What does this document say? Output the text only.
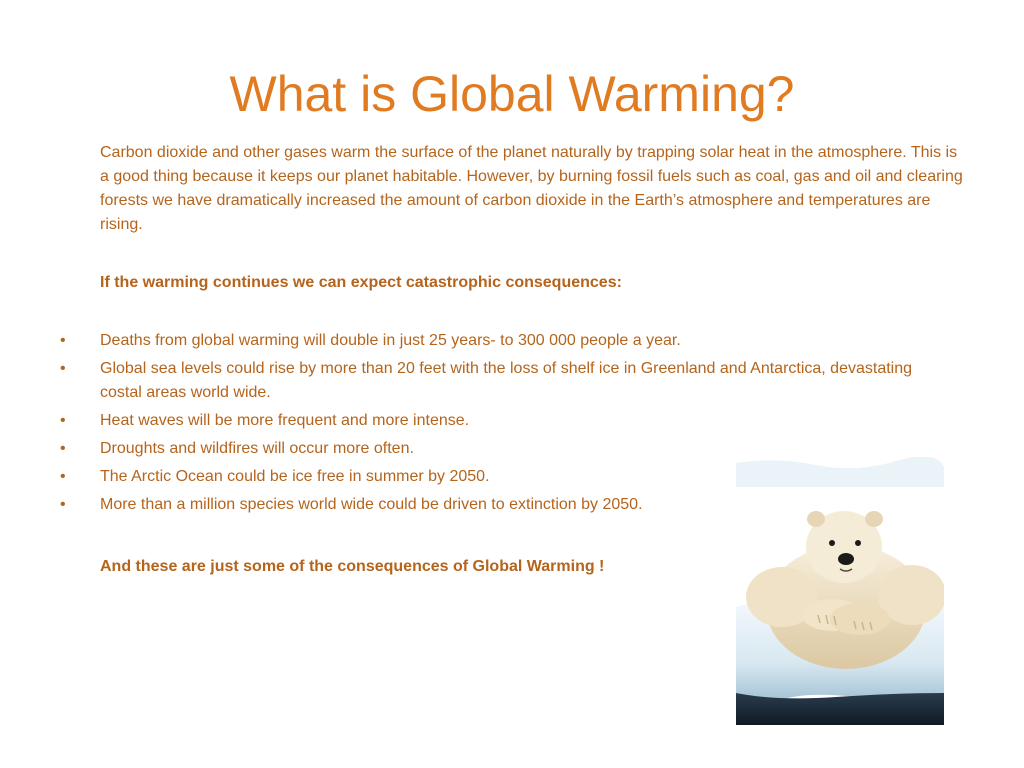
What is Global Warming?

Carbon dioxide and other gases warm the surface of the planet naturally by trapping solar heat in the atmosphere. This is a good thing because it keeps our planet habitable. However, by burning fossil fuels such as coal, gas and oil and clearing forests we have dramatically increased the amount of carbon dioxide in the Earth’s atmosphere and temperatures are rising.

If the warming continues we can expect catastrophic consequences:

• Deaths from global warming will double in just 25 years- to 300 000 people a year.
• Global sea levels could rise by more than 20 feet with the loss of shelf ice in Greenland and Antarctica, devastating costal areas world wide.
• Heat waves will be more frequent and more intense.
• Droughts and wildfires will occur more often.
• The Arctic Ocean could be ice free in summer by 2050.
• More than a million species world wide could be driven to extinction by 2050.

And these are just some of the consequences of Global Warming !
